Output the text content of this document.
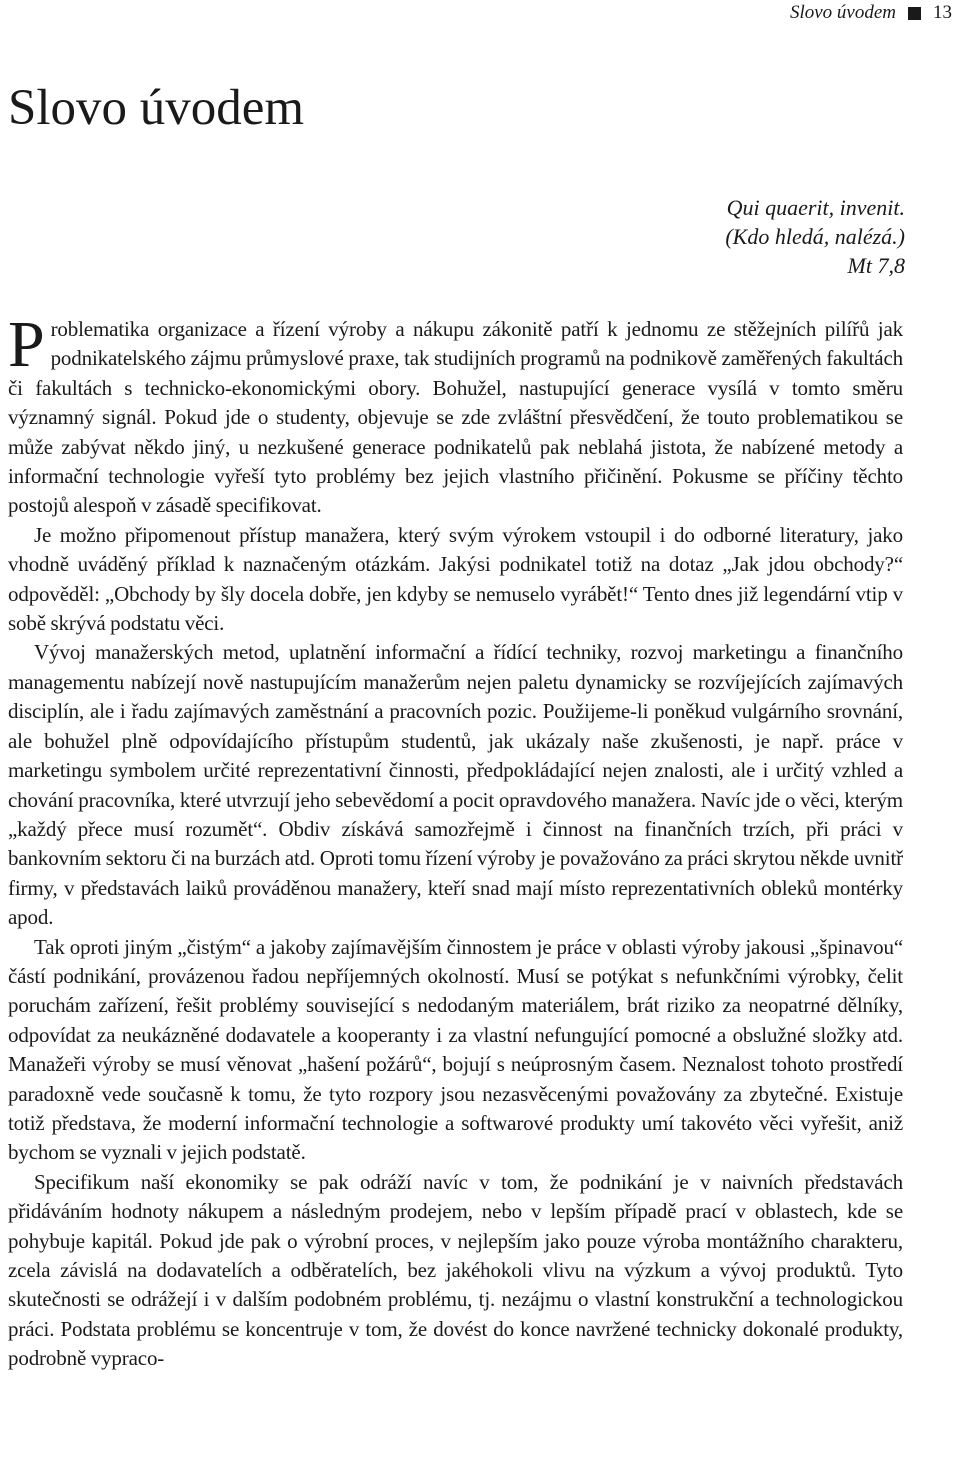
Slovo úvodem 13
Slovo úvodem
Qui quaerit, invenit.
(Kdo hledá, nalézá.)
Mt 7,8

Problematika organizace a řízení výroby a nákupu zákonitě patří k jednomu ze stěžejních pilířů jak podnikatelského zájmu průmyslové praxe, tak studijních programů na podnikově zaměřených fakultách či fakultách s technicko-ekonomickými obory. Bohužel, nastupující generace vysílá v tomto směru významný signál. Pokud jde o studenty, objevuje se zde zvláštní přesvědčení, že touto problematikou se může zabývat někdo jiný, u nezkušené generace podnikatelů pak neblahá jistota, že nabízené metody a informační technologie vyřeší tyto problémy bez jejich vlastního přičinění. Pokusme se příčiny těchto postojů alespoň v zásadě specifikovat.

Je možno připomenout přístup manažera, který svým výrokem vstoupil i do odborné literatury, jako vhodně uváděný příklad k naznačeným otázkám. Jakýsi podnikatel totiž na dotaz „Jak jdou obchody?“ odpověděl: „Obchody by šly docela dobře, jen kdyby se nemuselo vyrábět!“ Tento dnes již legendární vtip v sobě skrývá podstatu věci.

Vývoj manažerských metod, uplatnění informační a řídící techniky, rozvoj marketingu a finančního managementu nabízejí nově nastupujícím manažerům nejen paletu dynamicky se rozvíjejících zajímavých disciplín, ale i řadu zajímavých zaměstnání a pracovních pozic. Použijeme-li poněkud vulgárního srovnání, ale bohužel plně odpovídajícího přístupům studentů, jak ukázaly naše zkušenosti, je např. práce v marketingu symbolem určité reprezentativní činnosti, předpokládající nejen znalosti, ale i určitý vzhled a chování pracovníka, které utvrzují jeho sebevědomí a pocit opravdového manažera. Navíc jde o věci, kterým „každý přece musí rozumět“. Obdiv získává samozřejmě i činnost na finančních trzích, při práci v bankovním sektoru či na burzách atd. Oproti tomu řízení výroby je považováno za práci skrytou někde uvnitř firmy, v představách laiků prováděnou manažery, kteří snad mají místo reprezentativních obleků montérky apod.

Tak oproti jiným „čistým“ a jakoby zajímavějším činnostem je práce v oblasti výroby jakousi „špinavou“ částí podnikání, provázenou řadou nepříjemných okolností. Musí se potýkat s nefunkčními výrobky, čelit poruchám zařízení, řešit problémy související s nedodaným materiálem, brát riziko za neopatrné dělníky, odpovídat za neukázněné dodavatele a kooperanty i za vlastní nefungující pomocné a obslužné složky atd. Manažeři výroby se musí věnovat „hašení požárů“, bojují s neúprosným časem. Neznalost tohoto prostředí paradoxně vede současně k tomu, že tyto rozpory jsou nezasvěcenými považovány za zbytečné. Existuje totiž představa, že moderní informační technologie a softwarové produkty umí takovéto věci vyřešit, aniž bychom se vyznali v jejich podstatě.

Specifikum naší ekonomiky se pak odráží navíc v tom, že podnikání je v naivních představách přidáváním hodnoty nákupem a následným prodejem, nebo v lepším případě prací v oblastech, kde se pohybuje kapitál. Pokud jde pak o výrobní proces, v nejlepším jako pouze výroba montážního charakteru, zcela závislá na dodavatelích a odběratelích, bez jakéhokoli vlivu na výzkum a vývoj produktů. Tyto skutečnosti se odrážejí i v dalším podobném problému, tj. nezájmu o vlastní konstrukční a technologickou práci. Podstata problému se koncentruje v tom, že dovést do konce navržené technicky dokonalé produkty, podrobně vypraco-
